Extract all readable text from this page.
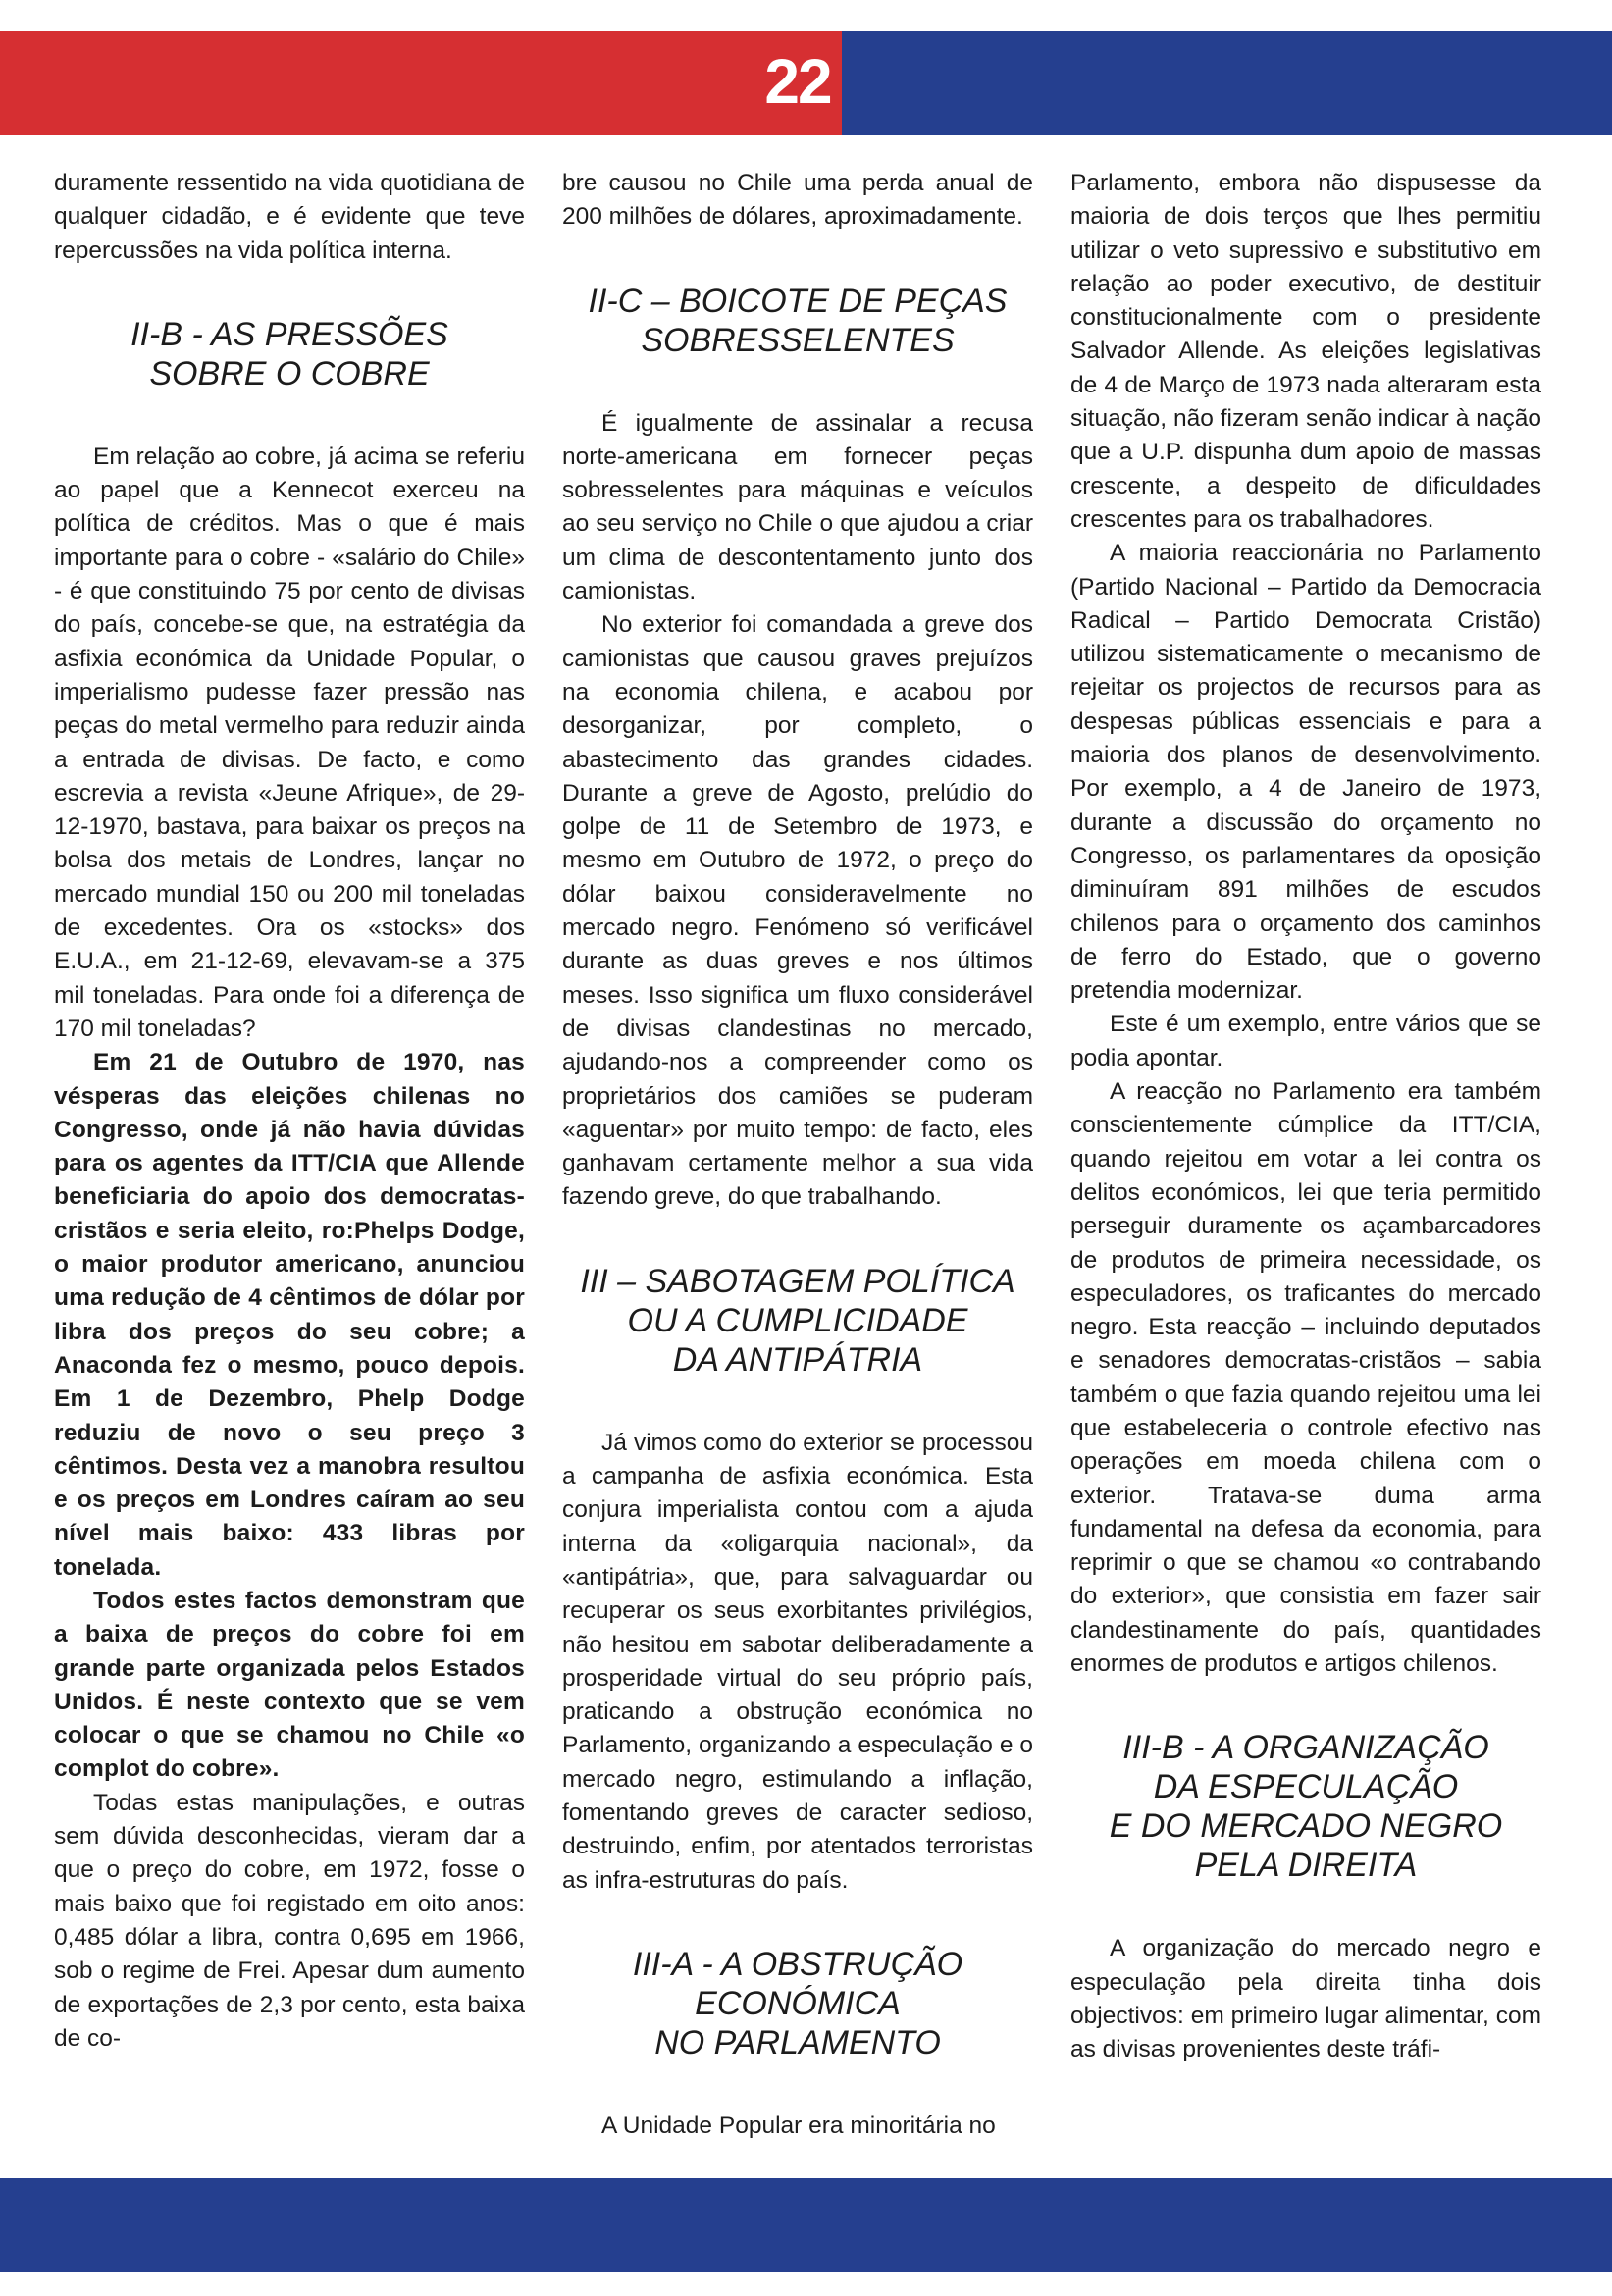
22

duramente ressentido na vida quotidiana de qualquer cidadão, e é evidente que teve repercussões na vida política interna.

II-B - AS PRESSÕES
SOBRE O COBRE

Em relação ao cobre, já acima se referiu ao papel que a Kennecot exerceu na política de créditos. Mas o que é mais importante para o cobre - «salário do Chile» - é que constituindo 75 por cento de divisas do país, concebe-se que, na estratégia da asfixia económica da Unidade Popular, o imperialismo pudesse fazer pressão nas peças do metal vermelho para reduzir ainda a entrada de divisas. De facto, e como escrevia a revista «Jeune Afrique», de 29-12-1970, bastava, para baixar os preços na bolsa dos metais de Londres, lançar no mercado mundial 150 ou 200 mil toneladas de excedentes. Ora os «stocks» dos E.U.A., em 21-12-69, elevavam-se a 375 mil toneladas. Para onde foi a diferença de 170 mil toneladas?

Em 21 de Outubro de 1970, nas vésperas das eleições chilenas no Congresso, onde já não havia dúvidas para os agentes da ITT/CIA que Allende beneficiaria do apoio dos democratas-cristãos e seria eleito, ro:Phelps Dodge, o maior produtor americano, anunciou uma redução de 4 cêntimos de dólar por libra dos preços do seu cobre; a Anaconda fez o mesmo, pouco depois. Em 1 de Dezembro, Phelp Dodge reduziu de novo o seu preço 3 cêntimos. Desta vez a manobra resultou e os preços em Londres caíram ao seu nível mais baixo: 433 libras por tonelada.

Todos estes factos demonstram que a baixa de preços do cobre foi em grande parte organizada pelos Estados Unidos. É neste contexto que se vem colocar o que se chamou no Chile «o complot do cobre».

Todas estas manipulações, e outras sem dúvida desconhecidas, vieram dar a que o preço do cobre, em 1972, fosse o mais baixo que foi registado em oito anos: 0,485 dólar a libra, contra 0,695 em 1966, sob o regime de Frei. Apesar dum aumento de exportações de 2,3 por cento, esta baixa de co-

bre causou no Chile uma perda anual de 200 milhões de dólares, aproximadamente.

II-C – BOICOTE DE PEÇAS
SOBRESSELENTES

É igualmente de assinalar a recusa norte-americana em fornecer peças sobresselentes para máquinas e veículos ao seu serviço no Chile o que ajudou a criar um clima de descontentamento junto dos camionistas.

No exterior foi comandada a greve dos camionistas que causou graves prejuízos na economia chilena, e acabou por desorganizar, por completo, o abastecimento das grandes cidades. Durante a greve de Agosto, prelúdio do golpe de 11 de Setembro de 1973, e mesmo em Outubro de 1972, o preço do dólar baixou consideravelmente no mercado negro. Fenómeno só verificável durante as duas greves e nos últimos meses. Isso significa um fluxo considerável de divisas clandestinas no mercado, ajudando-nos a compreender como os proprietários dos camiões se puderam «aguentar» por muito tempo: de facto, eles ganhavam certamente melhor a sua vida fazendo greve, do que trabalhando.

III – SABOTAGEM POLÍTICA
OU A CUMPLICIDADE
DA ANTIPÁTRIA

Já vimos como do exterior se processou a campanha de asfixia económica. Esta conjura imperialista contou com a ajuda interna da «oligarquia nacional», da «antipátria», que, para salvaguardar ou recuperar os seus exorbitantes privilégios, não hesitou em sabotar deliberadamente a prosperidade virtual do seu próprio país, praticando a obstrução económica no Parlamento, organizando a especulação e o mercado negro, estimulando a inflação, fomentando greves de caracter sedioso, destruindo, enfim, por atentados terroristas as infra-estruturas do país.

III-A - A OBSTRUÇÃO
ECONÓMICA
NO PARLAMENTO

A Unidade Popular era minoritária no

Parlamento, embora não dispusesse da maioria de dois terços que lhes permitiu utilizar o veto supressivo e substitutivo em relação ao poder executivo, de destituir constitucionalmente com o presidente Salvador Allende. As eleições legislativas de 4 de Março de 1973 nada alteraram esta situação, não fizeram senão indicar à nação que a U.P. dispunha dum apoio de massas crescente, a despeito de dificuldades crescentes para os trabalhadores.

A maioria reaccionária no Parlamento (Partido Nacional – Partido da Democracia Radical – Partido Democrata Cristão) utilizou sistematicamente o mecanismo de rejeitar os projectos de recursos para as despesas públicas essenciais e para a maioria dos planos de desenvolvimento. Por exemplo, a 4 de Janeiro de 1973, durante a discussão do orçamento no Congresso, os parlamentares da oposição diminuíram 891 milhões de escudos chilenos para o orçamento dos caminhos de ferro do Estado, que o governo pretendia modernizar.

Este é um exemplo, entre vários que se podia apontar.

A reacção no Parlamento era também conscientemente cúmplice da ITT/CIA, quando rejeitou em votar a lei contra os delitos económicos, lei que teria permitido perseguir duramente os açambarcadores de produtos de primeira necessidade, os especuladores, os traficantes do mercado negro. Esta reacção – incluindo deputados e senadores democratas-cristãos – sabia também o que fazia quando rejeitou uma lei que estabeleceria o controle efectivo nas operações em moeda chilena com o exterior. Tratava-se duma arma fundamental na defesa da economia, para reprimir o que se chamou «o contrabando do exterior», que consistia em fazer sair clandestinamente do país, quantidades enormes de produtos e artigos chilenos.

III-B - A ORGANIZAÇÃO
DA ESPECULAÇÃO
E DO MERCADO NEGRO
PELA DIREITA

A organização do mercado negro e especulação pela direita tinha dois objectivos: em primeiro lugar alimentar, com as divisas provenientes deste tráfi-
